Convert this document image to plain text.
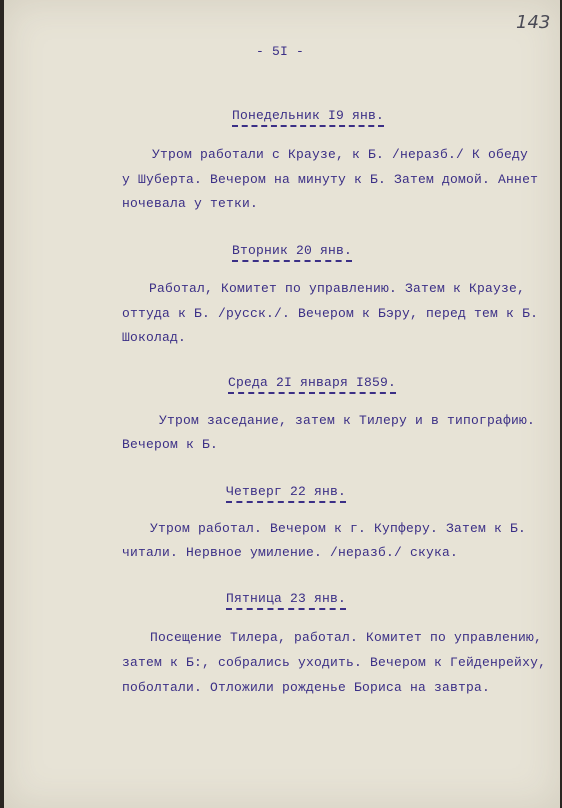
143
- 5I -
Понедельник I9 янв.
Утром работали с Краузе, к Б. /неразб./ К обеду
у Шуберта. Вечером на минуту к Б. Затем домой. Аннет
ночевала у тетки.
Вторник 20 янв.
Работал, Комитет по управлению. Затем к Краузе,
оттуда к Б. /русск./. Вечером к Бэру, перед тем к Б.
Шоколад.
Среда 2I января I859.
Утром заседание, затем к Тилеру и в типографию.
Вечером к Б.
Четверг 22 янв.
Утром работал. Вечером к г. Купферу. Затем к Б.
читали. Нервное умиление. /неразб./ скука.
Пятница 23 янв.
Посещение Тилера, работал. Комитет по управлению,
затем к Б:, собрались уходить. Вечером к Гейденрейху,
поболтали. Отложили рожденье Бориса на завтра.
